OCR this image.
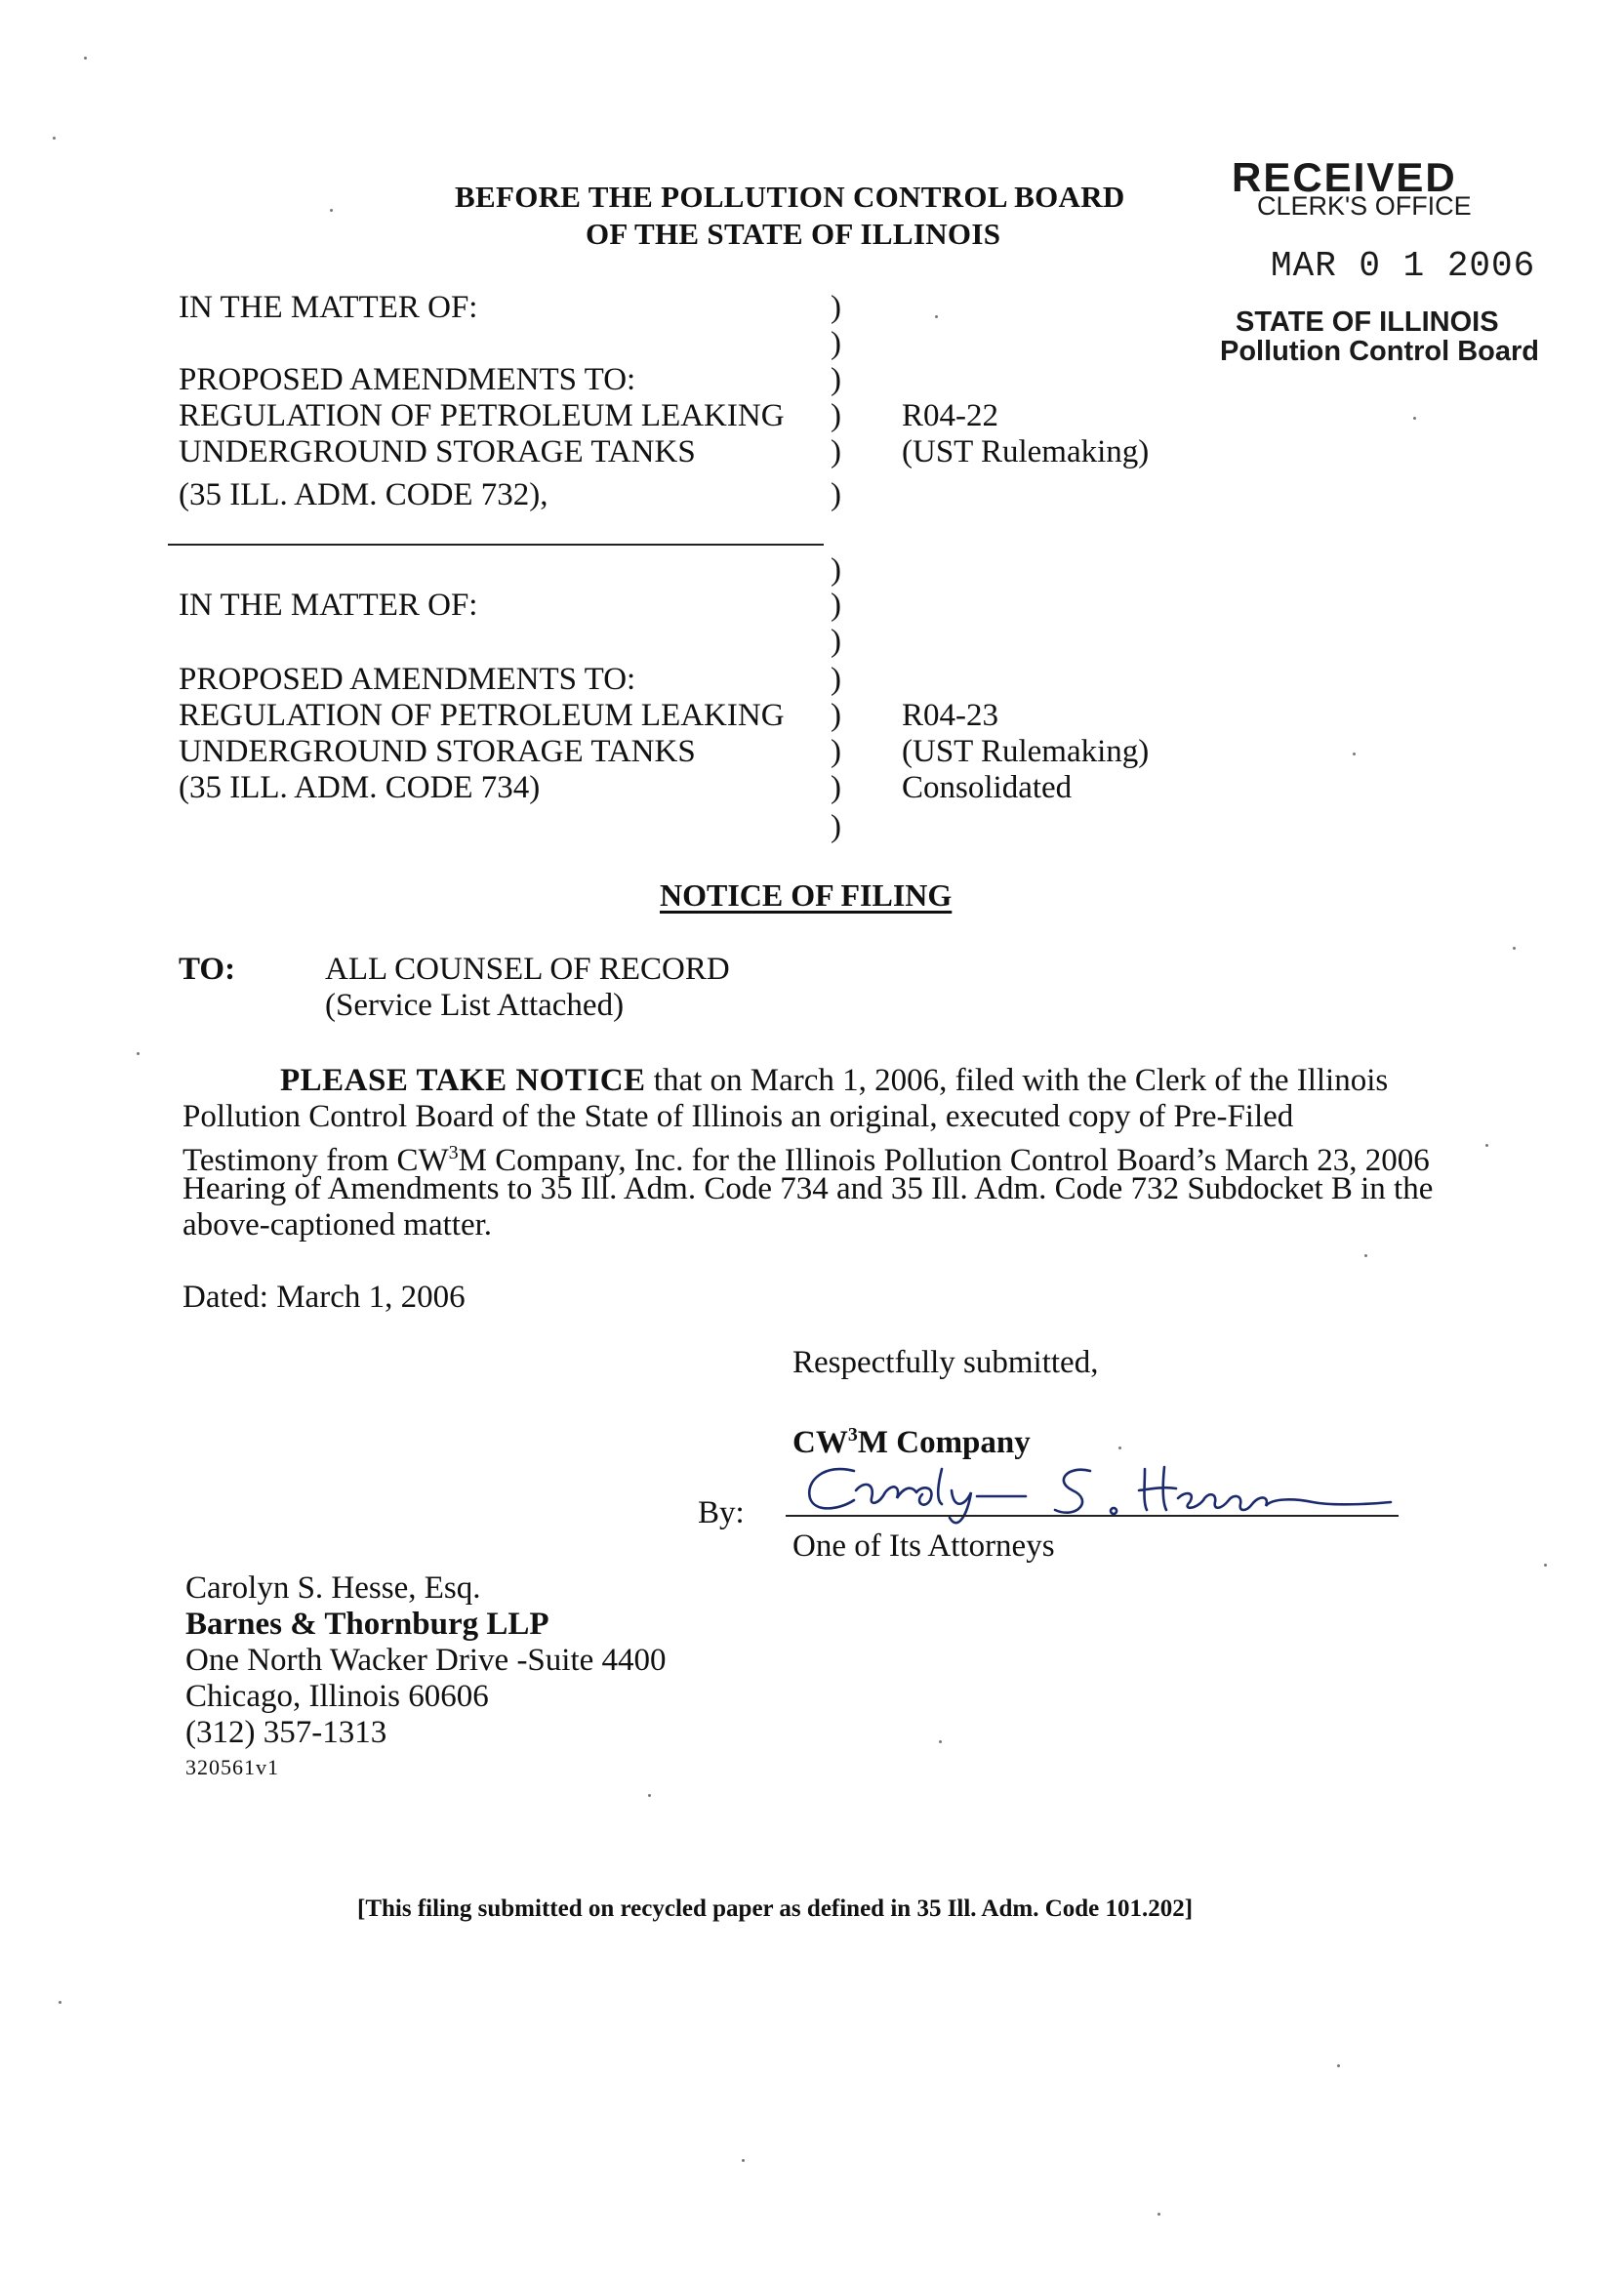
RECEIVED
CLERK'S OFFICE
MAR 0 1 2006
STATE OF ILLINOIS
Pollution Control Board
BEFORE THE POLLUTION CONTROL BOARD
OF THE STATE OF ILLINOIS
IN THE MATTER OF:
PROPOSED AMENDMENTS TO:
REGULATION OF PETROLEUM LEAKING
UNDERGROUND STORAGE TANKS
(35 ILL. ADM. CODE 732),
R04-22
(UST Rulemaking)
)
)
)
)
)
)
IN THE MATTER OF:
PROPOSED AMENDMENTS TO:
REGULATION OF PETROLEUM LEAKING
UNDERGROUND STORAGE TANKS
(35 ILL. ADM. CODE 734)
R04-23
(UST Rulemaking)
Consolidated
)
)
)
)
)
)
)
)
NOTICE OF FILING
TO:	ALL COUNSEL OF RECORD
(Service List Attached)
PLEASE TAKE NOTICE that on March 1, 2006, filed with the Clerk of the Illinois
Pollution Control Board of the State of Illinois an original, executed copy of Pre-Filed
Testimony from $CW^3M$ Company, Inc. for the Illinois Pollution Control Board’s March 23, 2006
Hearing of Amendments to 35 Ill. Adm. Code 734 and 35 Ill. Adm. Code 732 Subdocket B in the
above-captioned matter.
Dated: March 1, 2006
Respectfully submitted,
$CW^3M$ Company
By:
One of Its Attorneys
Carolyn S. Hesse, Esq.
Barnes & Thornburg LLP
One North Wacker Drive -Suite 4400
Chicago, Illinois 60606
(312) 357-1313
320561v1
[This filing submitted on recycled paper as defined in 35 Ill. Adm. Code 101.202]
